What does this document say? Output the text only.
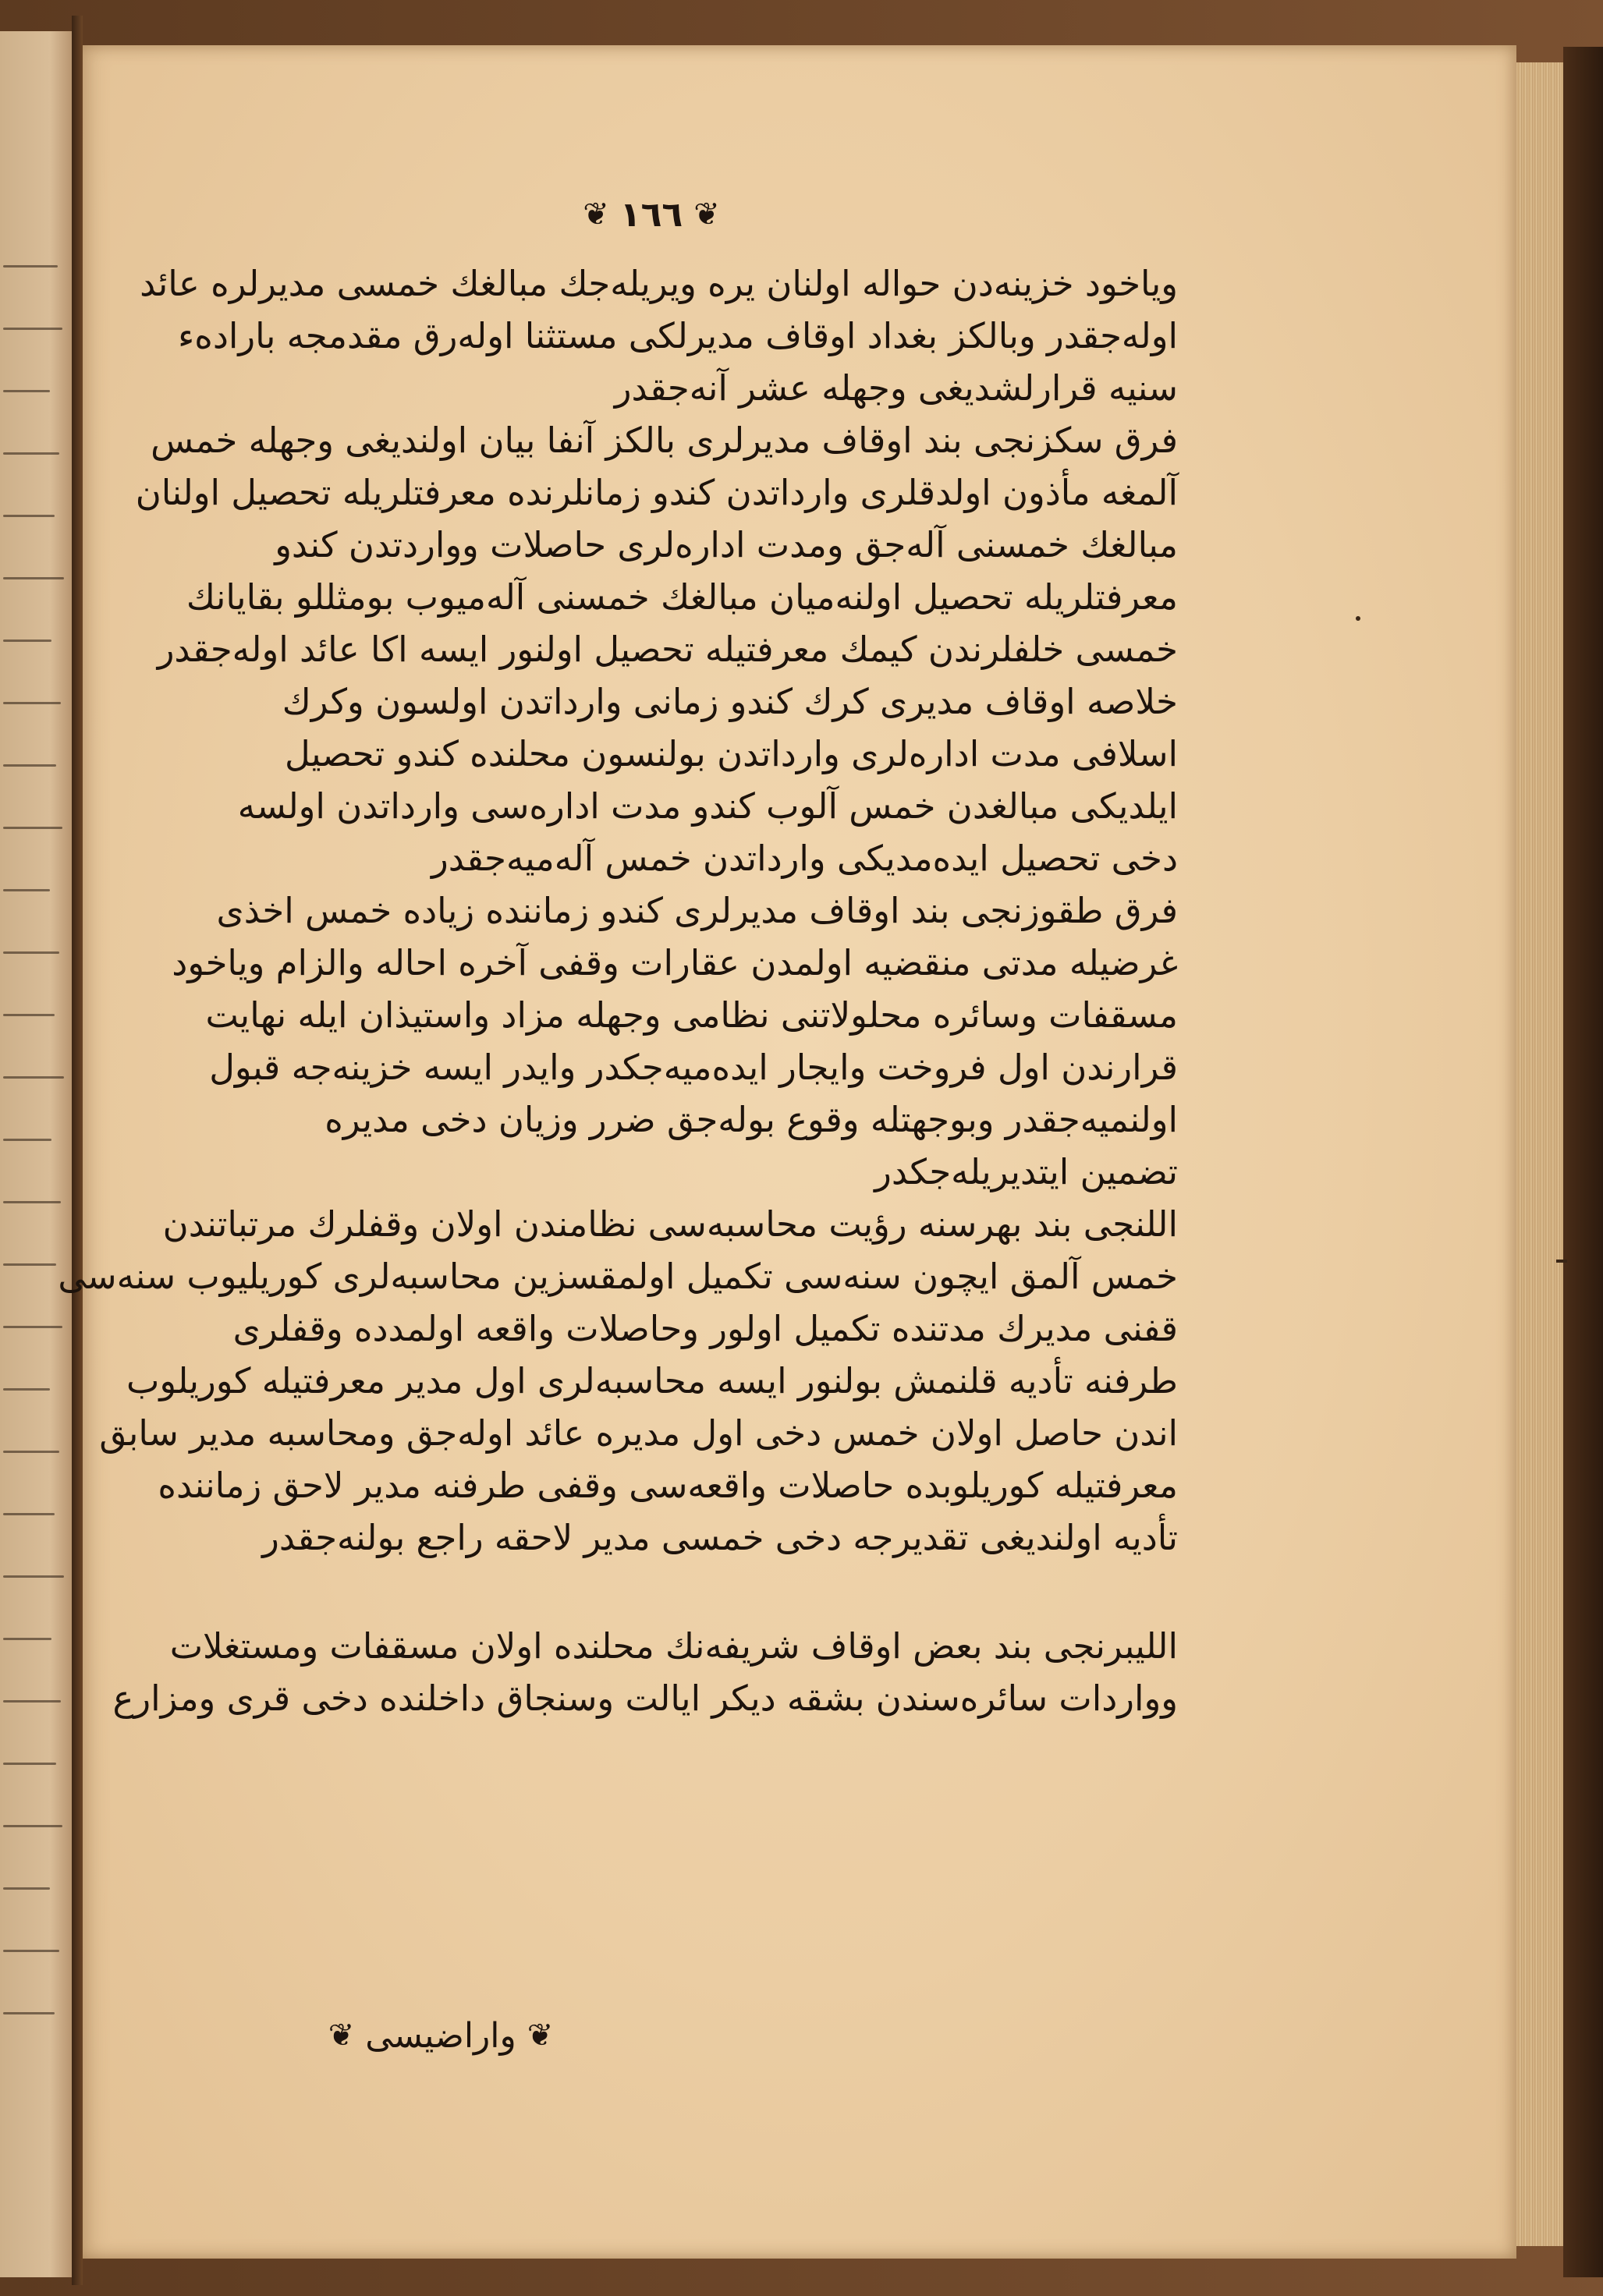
❦
١٦٦
❦
وياخود خزينه‌دن حواله اولنان يره ويريله‌جك مبالغك خمسى مديرلره عائد
اوله‌جقدر وبالكز بغداد اوقاف مديرلكى مستثنا اوله‌رق مقدمجه باراده‌ء
سنيه قرارلشديغى وجهله عشر آنه‌جقدر
فرق سكزنجى بند اوقاف مديرلرى بالكز آنفا بيان اولنديغى وجهله خمس
آلمغه مأذون اولدقلرى وارداتدن كندو زمانلرنده معرفتلريله تحصيل اولنان
مبالغك خمسنى آله‌جق ومدت اداره‌لرى حاصلات وواردتدن كندو
معرفتلريله تحصيل اولنه‌ميان مبالغك خمسنى آله‌ميوب بومثللو بقايانك
خمسى خلفلرندن كيمك معرفتيله تحصيل اولنور ايسه اكا عائد اوله‌جقدر
خلاصه اوقاف مديرى كرك كندو زمانى وارداتدن اولسون وكرك
اسلافى مدت اداره‌لرى وارداتدن بولنسون محلنده كندو تحصيل
ايلديكى مبالغدن خمس آلوب كندو مدت اداره‌سى وارداتدن اولسه
دخى تحصيل ايده‌مديكى وارداتدن خمس آله‌ميه‌جقدر
فرق طقوزنجى بند اوقاف مديرلرى كندو زماننده زياده خمس اخذى
غرضيله مدتى منقضيه اولمدن عقارات وقفى آخره احاله والزام وياخود
مسقفات وسائره محلولاتنى نظامى وجهله مزاد واستيذان ايله نهايت
قرارندن اول فروخت وايجار ايده‌ميه‌جكدر وايدر ايسه خزينه‌جه قبول
اولنميه‌جقدر وبوجهتله وقوع بوله‌جق ضرر وزيان دخى مديره
تضمين ايتديريله‌جكدر
اللنجى بند بهرسنه رؤيت محاسبه‌سى نظامندن اولان وقفلرك مرتباتندن
خمس آلمق ايچون سنه‌سى تكميل اولمقسزين محاسبه‌لرى كوريليوب سنه‌سى
قفنى مديرك مدتنده تكميل اولور وحاصلات واقعه اولمدده وقفلرى
طرفنه تأديه قلنمش بولنور ايسه محاسبه‌لرى اول مدير معرفتيله كوريلوب
اندن حاصل اولان خمس دخى اول مديره عائد اوله‌جق ومحاسبه مدير سابق
معرفتيله كوريلوبده حاصلات واقعه‌سى وقفى طرفنه مدير لاحق زماننده
تأديه اولنديغى تقديرجه دخى خمسى مدير لاحقه راجع بولنه‌جقدر
الليبرنجى بند بعض اوقاف شريفه‌نك محلنده اولان مسقفات ومستغلات
وواردات سائره‌سندن بشقه ديكر ايالت وسنجاق داخلنده دخى قرى ومزارع
❦
واراضيسى
❦
